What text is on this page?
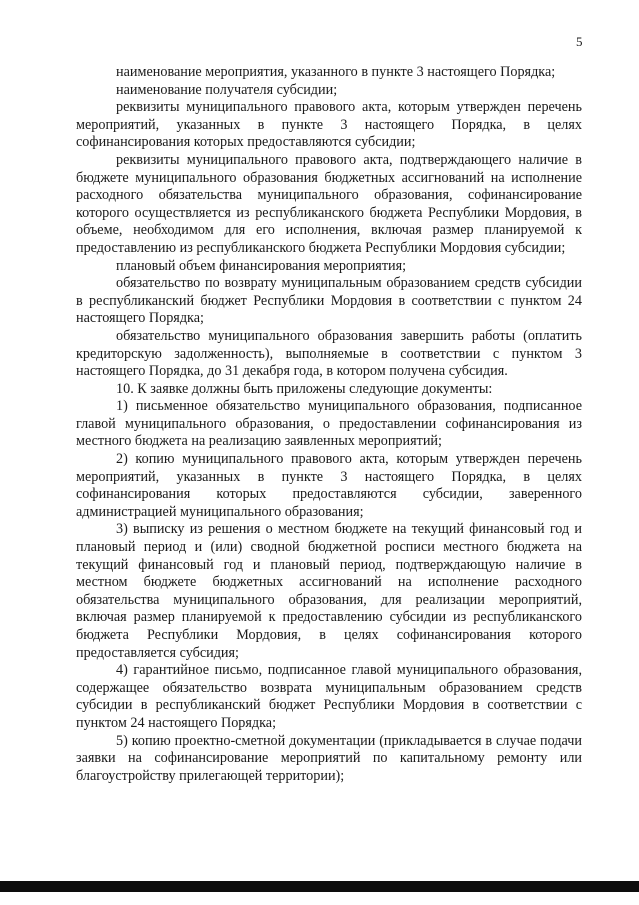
5

наименование мероприятия, указанного в пункте 3 настоящего Порядка;

наименование получателя субсидии;

реквизиты муниципального правового акта, которым утвержден перечень мероприятий, указанных в пункте 3 настоящего Порядка, в целях софинансирования которых предоставляются субсидии;

реквизиты муниципального правового акта, подтверждающего наличие в бюджете муниципального образования бюджетных ассигнований на исполнение расходного обязательства муниципального образования, софинансирование которого осуществляется из республиканского бюджета Республики Мордовия, в объеме, необходимом для его исполнения, включая размер планируемой к предоставлению из республиканского бюджета Республики Мордовия субсидии;

плановый объем финансирования мероприятия;

обязательство по возврату муниципальным образованием средств субсидии в республиканский бюджет Республики Мордовия в соответствии с пунктом 24 настоящего Порядка;

обязательство муниципального образования завершить работы (оплатить кредиторскую задолженность), выполняемые в соответствии с пунктом 3 настоящего Порядка, до 31 декабря года, в котором получена субсидия.

10. К заявке должны быть приложены следующие документы:

1) письменное обязательство муниципального образования, подписанное главой муниципального образования, о предоставлении софинансирования из местного бюджета на реализацию заявленных мероприятий;

2) копию муниципального правового акта, которым утвержден перечень мероприятий, указанных в пункте 3 настоящего Порядка, в целях софинансирования которых предоставляются субсидии, заверенного администрацией муниципального образования;

3) выписку из решения о местном бюджете на текущий финансовый год и плановый период и (или) сводной бюджетной росписи местного бюджета на текущий финансовый год и плановый период, подтверждающую наличие в местном бюджете бюджетных ассигнований на исполнение расходного обязательства муниципального образования, для реализации мероприятий, включая размер планируемой к предоставлению субсидии из республиканского бюджета Республики Мордовия, в целях софинансирования которого предоставляется субсидия;

4) гарантийное письмо, подписанное главой муниципального образования, содержащее обязательство возврата муниципальным образованием средств субсидии в республиканский бюджет Республики Мордовия в соответствии с пунктом 24 настоящего Порядка;

5) копию проектно-сметной документации (прикладывается в случае подачи заявки на софинансирование мероприятий по капитальному ремонту или благоустройству прилегающей территории);
